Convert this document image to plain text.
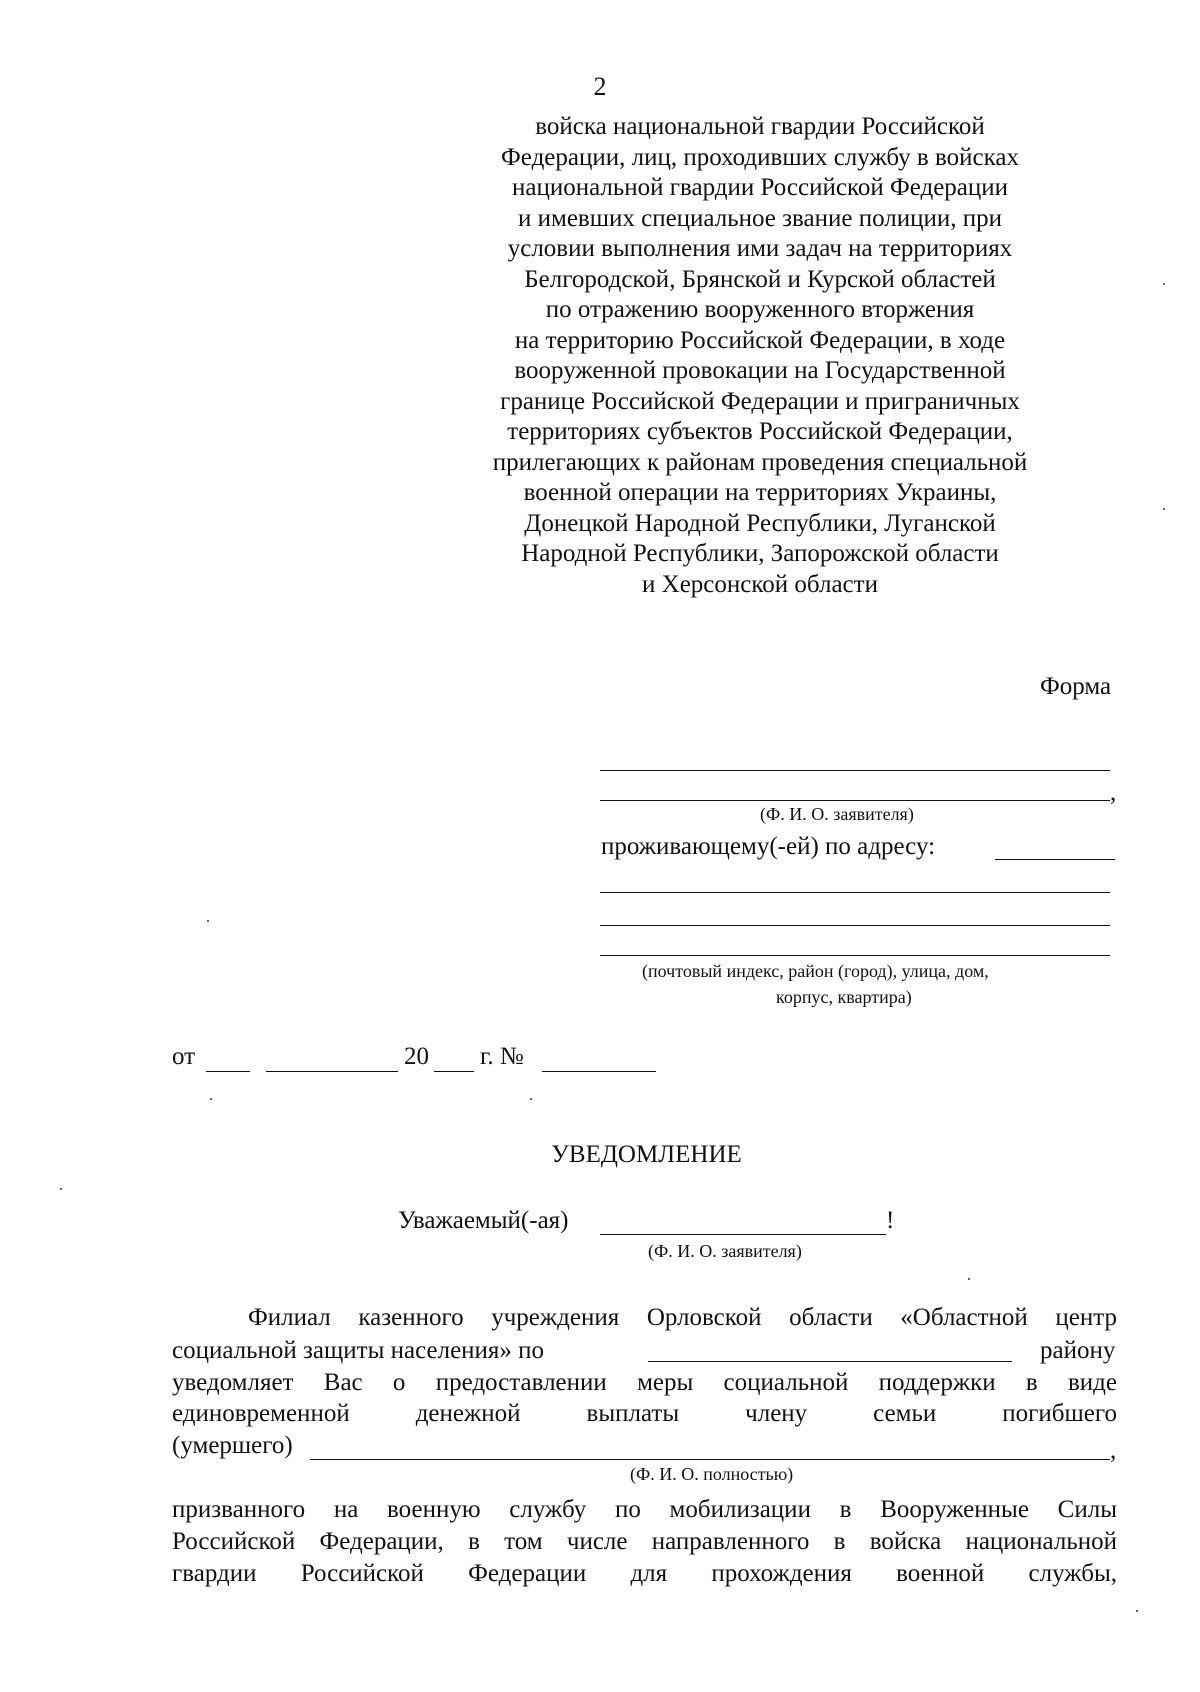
2
войска национальной гвардии Российской
Федерации, лиц, проходивших службу в войсках
национальной гвардии Российской Федерации
и имевших специальное звание полиции, при
условии выполнения ими задач на территориях
Белгородской, Брянской и Курской областей
по отражению вооруженного вторжения
на территорию Российской Федерации, в ходе
вооруженной провокации на Государственной
границе Российской Федерации и приграничных
территориях субъектов Российской Федерации,
прилегающих к районам проведения специальной
военной операции на территориях Украины,
Донецкой Народной Республики, Луганской
Народной Республики, Запорожской области
и Херсонской области
Форма
,
(Ф. И. О. заявителя)
проживающему(-ей) по адресу:
(почтовый индекс, район (город), улица, дом,
корпус, квартира)
от	20 г. №
УВЕДОМЛЕНИЕ
Уважаемый(-ая)	!
(Ф. И. О. заявителя)
Филиал казенного учреждения Орловской области «Областной центр
социальной защиты населения» по	району
уведомляет Вас о предоставлении меры социальной поддержки в виде
единовременной денежной выплаты члену семьи погибшего
(умершего)	,
(Ф. И. О. полностью)
призванного на военную службу по мобилизации в Вооруженные Силы
Российской Федерации, в том числе направленного в войска национальной
гвардии Российской Федерации для прохождения военной службы,
